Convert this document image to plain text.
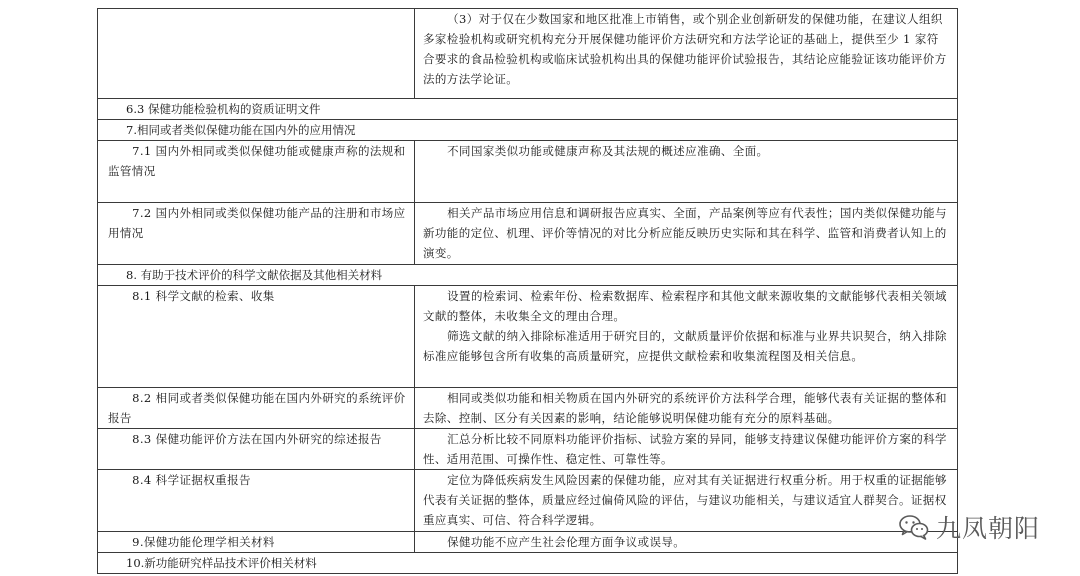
	（3）对于仅在少数国家和地区批准上市销售，或个别企业创新研发的保健功能，在建议人组织多家检验机构或研究机构充分开展保健功能评价方法研究和方法学论证的基础上，提供至少 1 家符合要求的食品检验机构或临床试验机构出具的保健功能评价试验报告，其结论应能验证该功能评价方法的方法学论证。

6.3 保健功能检验机构的资质证明文件	
7.相同或者类似保健功能在国内外的应用情况	

7.1 国内外相同或类似保健功能或健康声称的法规和监管情况	不同国家类似功能或健康声称及其法规的概述应准确、全面。

7.2 国内外相同或类似保健功能产品的注册和市场应用情况	相关产品市场应用信息和调研报告应真实、全面，产品案例等应有代表性；国内类似保健功能与新功能的定位、机理、评价等情况的对比分析应能反映历史实际和其在科学、监管和消费者认知上的演变。

8. 有助于技术评价的科学文献依据及其他相关材料	

8.1 科学文献的检索、收集	设置的检索词、检索年份、检索数据库、检索程序和其他文献来源收集的文献能够代表相关领域文献的整体，未收集全文的理由合理。

筛选文献的纳入排除标准适用于研究目的，文献质量评价依据和标准与业界共识契合，纳入排除标准应能够包含所有收集的高质量研究，应提供文献检索和收集流程图及相关信息。

8.2 相同或者类似保健功能在国内外研究的系统评价报告	相同或类似功能和相关物质在国内外研究的系统评价方法科学合理，能够代表有关证据的整体和去除、控制、区分有关因素的影响，结论能够说明保健功能有充分的原料基础。

8.3 保健功能评价方法在国内外研究的综述报告	汇总分析比较不同原料功能评价指标、试验方案的异同，能够支持建议保健功能评价方案的科学性、适用范围、可操作性、稳定性、可靠性等。

8.4 科学证据权重报告	定位为降低疾病发生风险因素的保健功能，应对其有关证据进行权重分析。用于权重的证据能够代表有关证据的整体，质量应经过偏倚风险的评估，与建议功能相关，与建议适宜人群契合。证据权重应真实、可信、符合科学逻辑。

9.保健功能伦理学相关材料	保健功能不应产生社会伦理方面争议或误导。

10.新功能研究样品技术评价相关材料	
九凤朝阳
